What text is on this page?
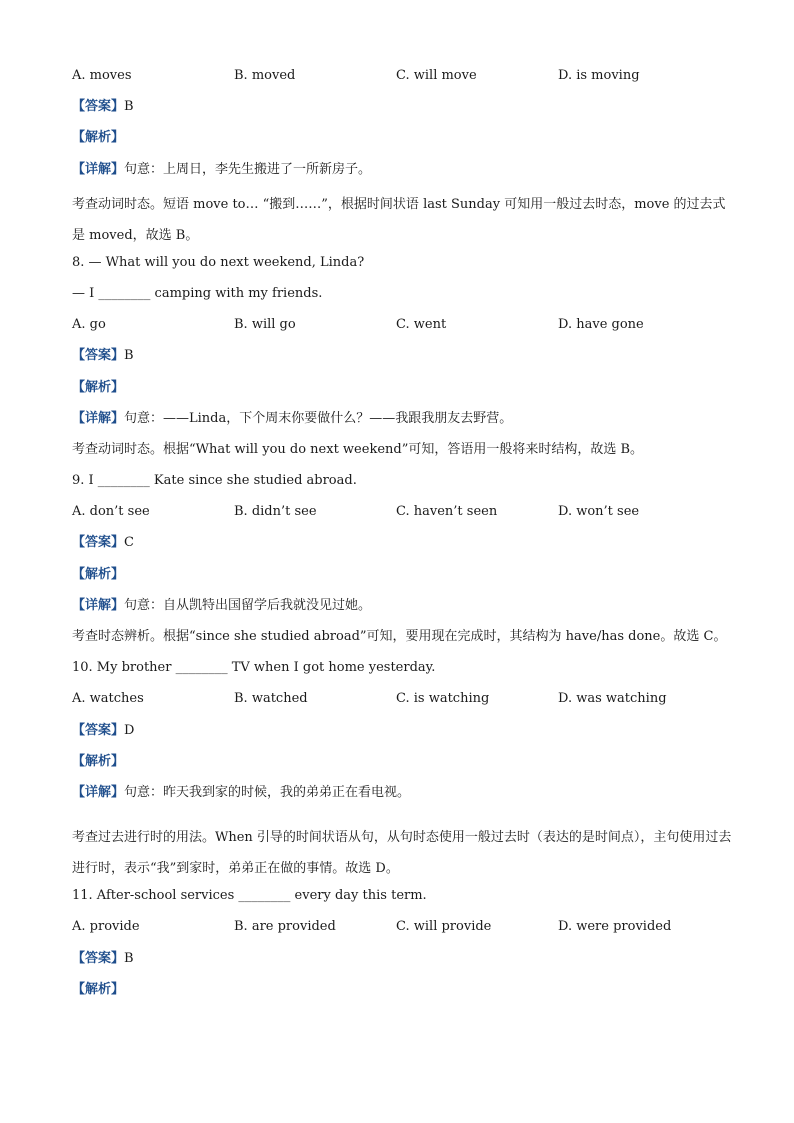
A. moves	B. moved	C. will move	D. is moving
【答案】B
【解析】
【详解】句意：上周日，李先生搬进了一所新房子。
考查动词时态。短语 move to… “搬到……”，根据时间状语 last Sunday 可知用一般过去时态，move 的过去式是 moved，故选 B。
8. — What will you do next weekend, Linda?
— I ________ camping with my friends.
A. go	B. will go	C. went	D. have gone
【答案】B
【解析】
【详解】句意：——Linda，下个周末你要做什么？——我跟我朋友去野营。
考查动词时态。根据“What will you do next weekend”可知，答语用一般将来时结构，故选 B。
9. I ________ Kate since she studied abroad.
A. don’t see	B. didn’t see	C. haven’t seen	D. won’t see
【答案】C
【解析】
【详解】句意：自从凯特出国留学后我就没见过她。
考查时态辨析。根据“since she studied abroad”可知，要用现在完成时，其结构为 have/has done。故选 C。
10. My brother ________ TV when I got home yesterday.
A. watches	B. watched	C. is watching	D. was watching
【答案】D
【解析】
【详解】句意：昨天我到家的时候，我的弟弟正在看电视。
考查过去进行时的用法。When 引导的时间状语从句，从句时态使用一般过去时（表达的是时间点），主句使用过去进行时，表示“我”到家时，弟弟正在做的事情。故选 D。
11. After-school services ________ every day this term.
A. provide	B. are provided	C. will provide	D. were provided
【答案】B
【解析】
